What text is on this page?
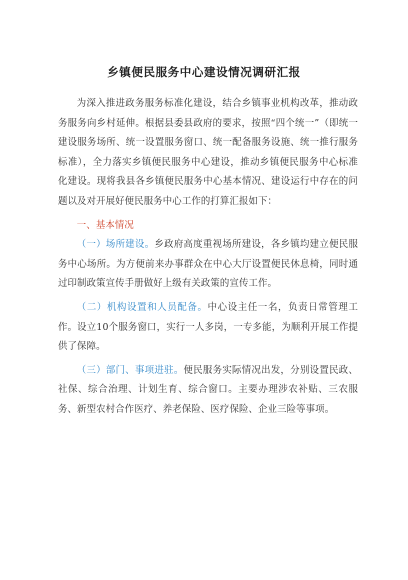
乡镇便民服务中心建设情况调研汇报

为深入推进政务服务标准化建设，结合乡镇事业机构改革，推动政务服务向乡村延伸。根据县委县政府的要求，按照“四个统一”（即统一建设服务场所、统一设置服务窗口、统一配备服务设施、统一推行服务标准），全力落实乡镇便民服务中心建设，推动乡镇便民服务中心标准化建设。现将我县各乡镇便民服务中心基本情况、建设运行中存在的问题以及对开展好便民服务中心工作的打算汇报如下：

一、基本情况

（一）场所建设。乡政府高度重视场所建设，各乡镇均建立便民服务中心场所。为方便前来办事群众在中心大厅设置便民休息椅，同时通过印制政策宣传手册做好上级有关政策的宣传工作。

（二）机构设置和人员配备。中心设主任一名，负责日常管理工作。设立10个服务窗口，实行一人多岗，一专多能，为顺利开展工作提供了保障。

（三）部门、事项进驻。便民服务实际情况出发，分别设置民政、社保、综合治理、计划生育、综合窗口。主要办理涉农补贴、三农服务、新型农村合作医疗、养老保险、医疗保险、企业三险等事项。
